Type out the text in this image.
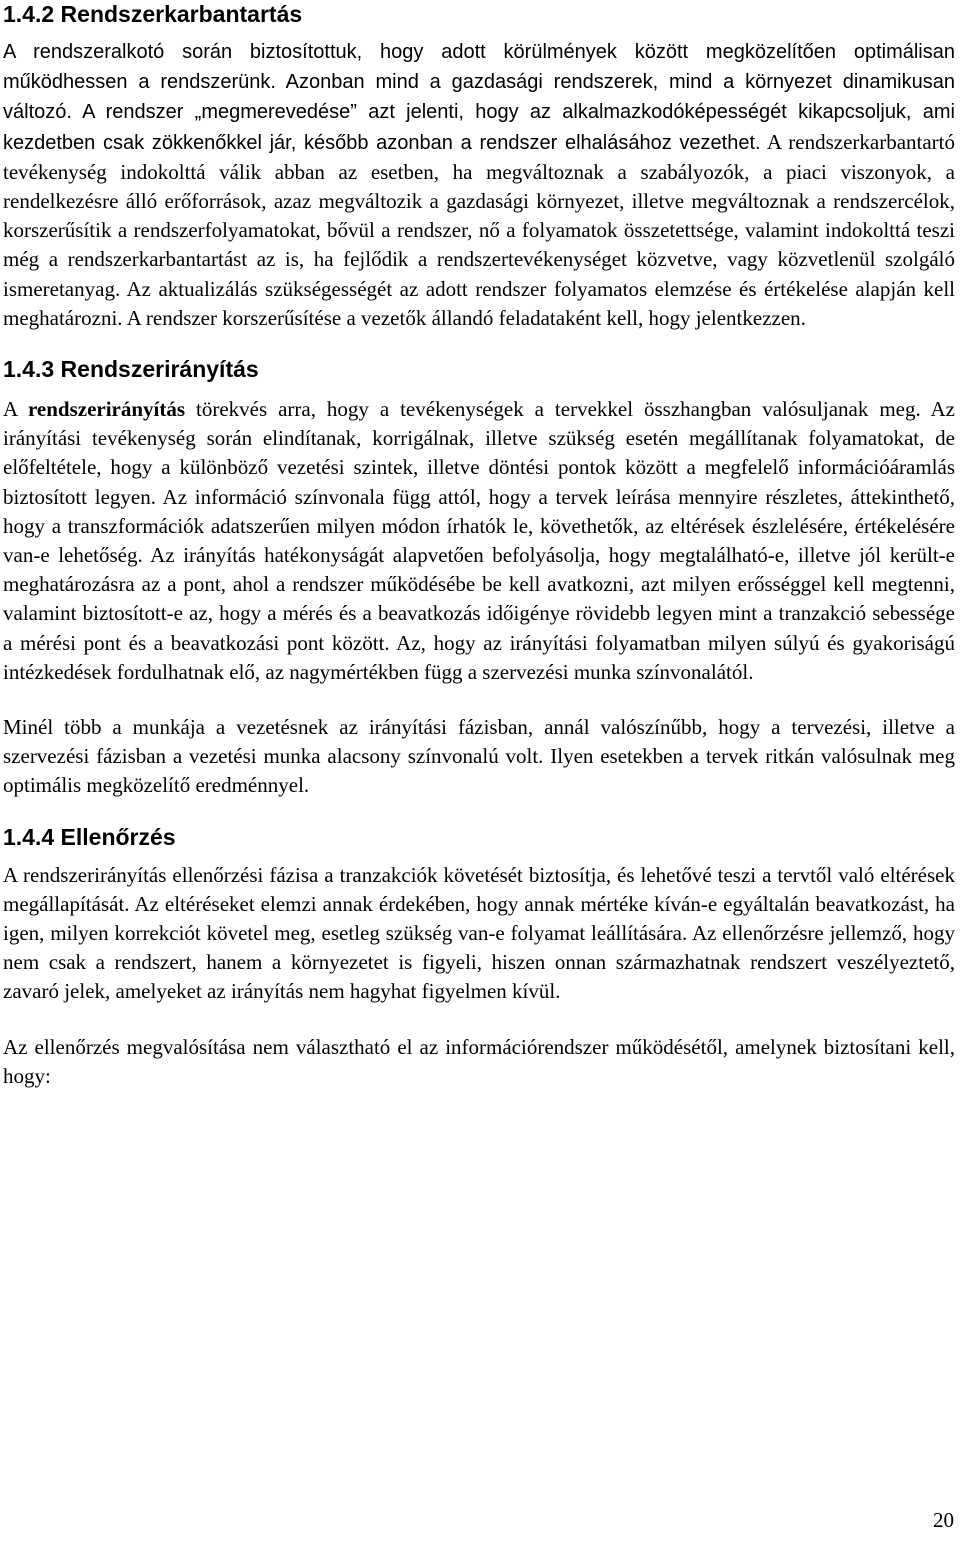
1.4.2 Rendszerkarbantartás

A rendszeralkotó során biztosítottuk, hogy adott körülmények között megközelítően optimálisan működhessen a rendszerünk. Azonban mind a gazdasági rendszerek, mind a környezet dinamikusan változó. A rendszer „megmerevedése” azt jelenti, hogy az alkalmazkodóképességét kikapcsoljuk, ami kezdetben csak zökkenőkkel jár, később azonban a rendszer elhalásához vezethet. A rendszerkarbantartó tevékenység indokolttá válik abban az esetben, ha megváltoznak a szabályozók, a piaci viszonyok, a rendelkezésre álló erőforrások, azaz megváltozik a gazdasági környezet, illetve megváltoznak a rendszercélok, korszerűsítik a rendszerfolyamatokat, bővül a rendszer, nő a folyamatok összetettsége, valamint indokolttá teszi még a rendszerkarbantartást az is, ha fejlődik a rendszertevékenységet közvetve, vagy közvetlenül szolgáló ismeretanyag. Az aktualizálás szükségességét az adott rendszer folyamatos elemzése és értékelése alapján kell meghatározni. A rendszer korszerűsítése a vezetők állandó feladataként kell, hogy jelentkezzen.

1.4.3 Rendszerirányítás

A rendszerirányítás törekvés arra, hogy a tevékenységek a tervekkel összhangban valósuljanak meg. Az irányítási tevékenység során elindítanak, korrigálnak, illetve szükség esetén megállítanak folyamatokat, de előfeltétele, hogy a különböző vezetési szintek, illetve döntési pontok között a megfelelő információáramlás biztosított legyen. Az információ színvonala függ attól, hogy a tervek leírása mennyire részletes, áttekinthető, hogy a transzformációk adatszerűen milyen módon írhatók le, követhetők, az eltérések észlelésére, értékelésére van-e lehetőség. Az irányítás hatékonyságát alapvetően befolyásolja, hogy megtalálható-e, illetve jól került-e meghatározásra az a pont, ahol a rendszer működésébe be kell avatkozni, azt milyen erősséggel kell megtenni, valamint biztosított-e az, hogy a mérés és a beavatkozás időigénye rövidebb legyen mint a tranzakció sebessége a mérési pont és a beavatkozási pont között. Az, hogy az irányítási folyamatban milyen súlyú és gyakoriságú intézkedések fordulhatnak elő, az nagymértékben függ a szervezési munka színvonalától.

Minél több a munkája a vezetésnek az irányítási fázisban, annál valószínűbb, hogy a tervezési, illetve a szervezési fázisban a vezetési munka alacsony színvonalú volt. Ilyen esetekben a tervek ritkán valósulnak meg optimális megközelítő eredménnyel.

1.4.4 Ellenőrzés

A rendszerirányítás ellenőrzési fázisa a tranzakciók követését biztosítja, és lehetővé teszi a tervtől való eltérések megállapítását. Az eltéréseket elemzi annak érdekében, hogy annak mértéke kíván-e egyáltalán beavatkozást, ha igen, milyen korrekciót követel meg, esetleg szükség van-e folyamat leállítására. Az ellenőrzésre jellemző, hogy nem csak a rendszert, hanem a környezetet is figyeli, hiszen onnan származhatnak rendszert veszélyeztető, zavaró jelek, amelyeket az irányítás nem hagyhat figyelmen kívül.

Az ellenőrzés megvalósítása nem választható el az információrendszer működésétől, amelynek biztosítani kell, hogy:

20
